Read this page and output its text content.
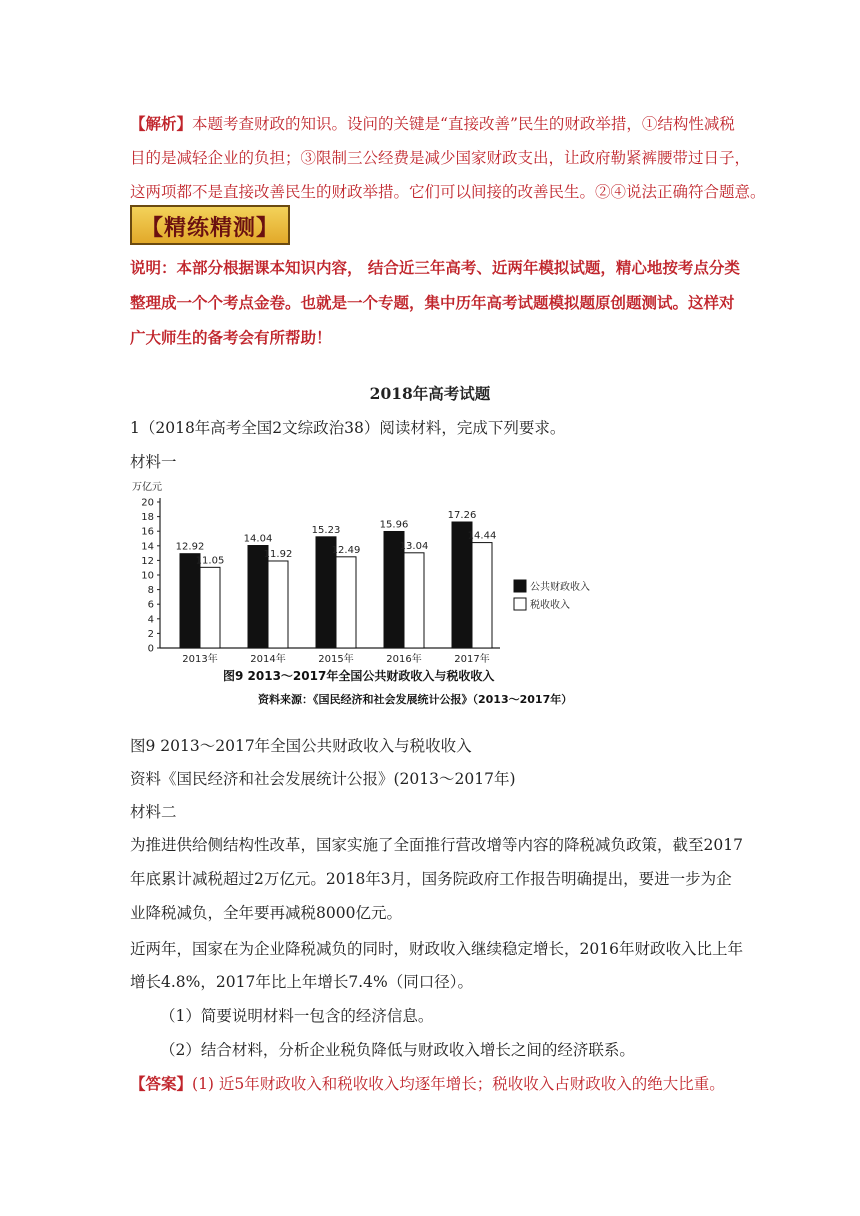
【解析】本题考查财政的知识。设问的关键是“直接改善”民生的财政举措，①结构性减税
目的是减轻企业的负担；③限制三公经费是减少国家财政支出，让政府勒紧裤腰带过日子，
这两项都不是直接改善民生的财政举措。它们可以间接的改善民生。②④说法正确符合题意。
【精练精测】
说明：本部分根据课本知识内容， 结合近三年高考、近两年模拟试题，精心地按考点分类
整理成一个个考点金卷。也就是一个专题，集中历年高考试题模拟题原创题测试。这样对
广大师生的备考会有所帮助！
2018年高考试题
1（2018年高考全国2文综政治38）阅读材料，完成下列要求。
材料一
万亿元
0
2
4
6
8
10
12
14
16
18
20
12.92
11.05
14.04
11.92
15.23
12.49
15.96
13.04
17.26
14.44
2013年	2014年	2015年	2016年	2017年
公共财政收入
税收收入
图9 2013～2017年全国公共财政收入与税收收入
资料来源：《国民经济和社会发展统计公报》（2013～2017年）
图9 2013～2017年全国公共财政收入与税收收入
资料《国民经济和社会发展统计公报》(2013～2017年)
材料二
为推进供给侧结构性改革，国家实施了全面推行营改增等内容的降税减负政策，截至2017
年底累计减税超过2万亿元。2018年3月，国务院政府工作报告明确提出，要进一步为企
业降税减负，全年要再减税8000亿元。
近两年，国家在为企业降税减负的同时，财政收入继续稳定增长，2016年财政收入比上年
增长4.8%，2017年比上年增长7.4%（同口径）。
（1）简要说明材料一包含的经济信息。
（2）结合材料，分析企业税负降低与财政收入增长之间的经济联系。
【答案】(1) 近5年财政收入和税收收入均逐年增长；税收收入占财政收入的绝大比重。
